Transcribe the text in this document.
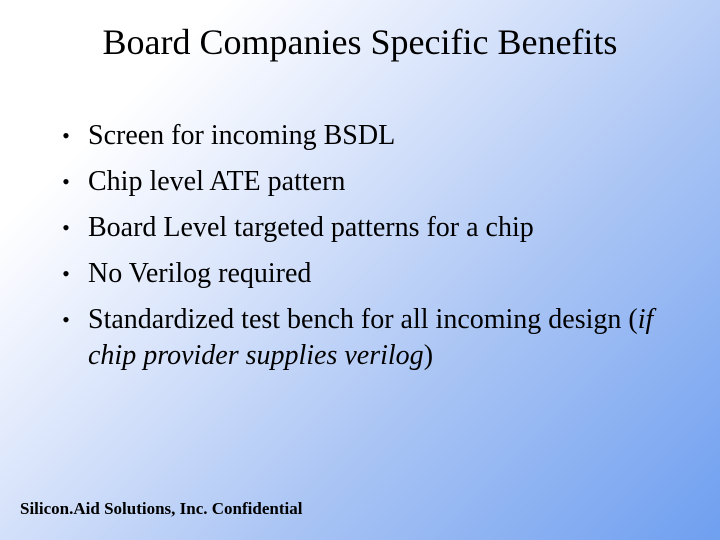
Board Companies Specific Benefits
• Screen for incoming BSDL
• Chip level ATE pattern
• Board Level targeted patterns for a chip
• No Verilog required
• Standardized test bench for all incoming design (if chip provider supplies verilog)
Silicon.Aid Solutions, Inc. Confidential
